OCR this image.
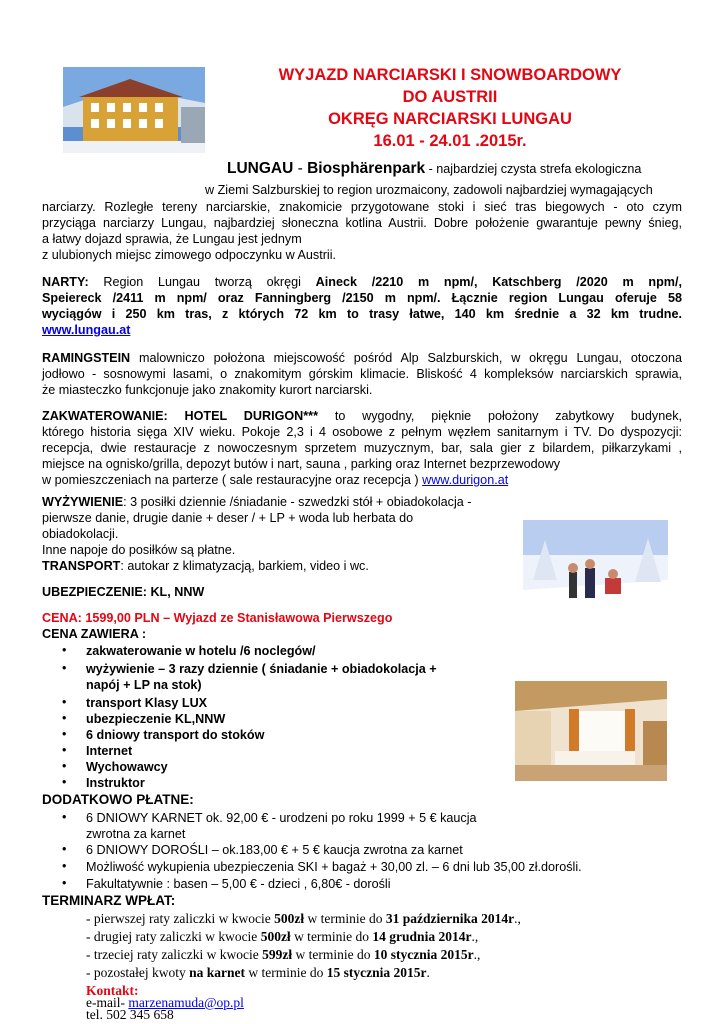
WYJAZD NARCIARSKI I SNOWBOARDOWY
DO AUSTRII
OKRĘG NARCIARSKI LUNGAU
16.01 - 24.01 .2015r.
LUNGAU - Biosphärenpark - najbardziej czysta strefa ekologiczna
w Ziemi Salzburskiej to region urozmaicony, zadowoli najbardziej wymagających
narciarzy. Rozległe tereny narciarskie, znakomicie przygotowane stoki i sieć tras biegowych - oto czym
przyciąga narciarzy Lungau, najbardziej słoneczna kotlina Austrii. Dobre położenie gwarantuje pewny śnieg,
a łatwy dojazd sprawia, że Lungau jest jednym
z ulubionych miejsc zimowego odpoczynku w Austrii.
NARTY: Region Lungau tworzą okręgi Aineck /2210 m npm/, Katschberg /2020 m npm/,
Speiereck /2411 m npm/ oraz Fanningberg /2150 m npm/. Łącznie region Lungau oferuje 58
wyciągów i 250 km tras, z których 72 km to trasy łatwe, 140 km średnie a 32 km trudne.
www.lungau.at
RAMINGSTEIN malowniczo położona miejscowość pośród Alp Salzburskich, w okręgu Lungau, otoczona
jodłowo - sosnowymi lasami, o znakomitym górskim klimacie. Bliskość 4 kompleksów narciarskich sprawia,
że miasteczko funkcjonuje jako znakomity kurort narciarski.
ZAKWATEROWANIE: HOTEL DURIGON*** to wygodny, pięknie położony zabytkowy budynek,
którego historia sięga XIV wieku. Pokoje 2,3 i 4 osobowe z pełnym węzłem sanitarnym i TV. Do dyspozycji:
recepcja, dwie restauracje z nowoczesnym sprzetem muzycznym, bar, sala gier z bilardem, piłkarzykami ,
miejsce na ognisko/grilla, depozyt butów i nart, sauna , parking oraz Internet bezprzewodowy
w pomieszczeniach na parterze ( sale restauracyjne oraz recepcja ) www.durigon.at
WYŻYWIENIE: 3 posiłki dziennie /śniadanie - szwedzki stół + obiadokolacja -
pierwsze danie, drugie danie + deser / + LP + woda lub herbata do
obiadokolacji.
Inne napoje do posiłków są płatne.
TRANSPORT: autokar z klimatyzacją, barkiem, video i wc.
UBEZPIECZENIE: KL, NNW
CENA: 1599,00 PLN – Wyjazd ze Stanisławowa Pierwszego
CENA ZAWIERA :
• zakwaterowanie w hotelu /6 noclegów/
• wyżywienie – 3 razy dziennie ( śniadanie + obiadokolacja +
napój + LP na stok)
• transport Klasy LUX
• ubezpieczenie KL,NNW
• 6 dniowy transport do stoków
• Internet
• Wychowawcy
• Instruktor
DODATKOWO PŁATNE:
• 6 DNIOWY KARNET ok. 92,00 € - urodzeni po roku 1999 + 5 € kaucja
zwrotna za karnet
• 6 DNIOWY DOROŚLI – ok.183,00 € + 5 € kaucja zwrotna za karnet
• Możliwość wykupienia ubezpieczenia SKI + bagaż + 30,00 zl. – 6 dni lub 35,00 zł.dorośli.
• Fakultatywnie : basen – 5,00 € - dzieci , 6,80€ - dorośli
TERMINARZ WPŁAT:
- pierwszej raty zaliczki w kwocie 500zł w terminie do 31 października 2014r.,
- drugiej raty zaliczki w kwocie 500zł w terminie do 14 grudnia 2014r.,
- trzeciej raty zaliczki w kwocie 599zł w terminie do 10 stycznia 2015r.,
- pozostałej kwoty na karnet w terminie do 15 stycznia 2015r.
Kontakt:
e-mail- marzenamuda@op.pl
tel. 502 345 658
